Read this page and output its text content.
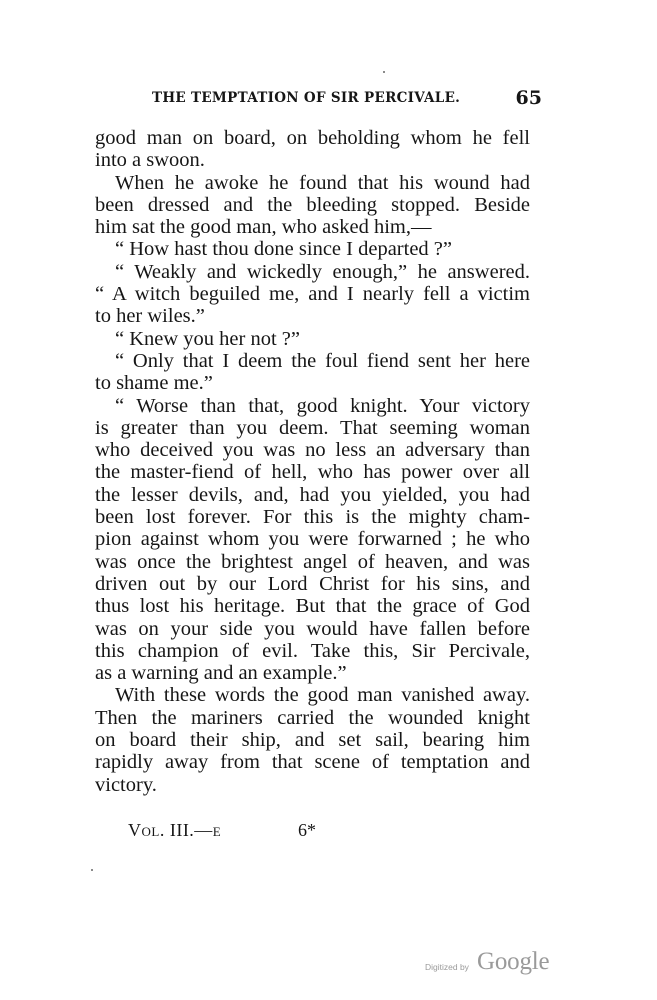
THE TEMPTATION OF SIR PERCIVALE.	65
good man on board, on beholding whom he fell
into a swoon.
When he awoke he found that his wound had
been dressed and the bleeding stopped. Beside
him sat the good man, who asked him,—
“ How hast thou done since I departed ?”
“ Weakly and wickedly enough,” he answered.
“ A witch beguiled me, and I nearly fell a victim
to her wiles.”
“ Knew you her not ?”
“ Only that I deem the foul fiend sent her here
to shame me.”
“ Worse than that, good knight. Your victory
is greater than you deem. That seeming woman
who deceived you was no less an adversary than
the master-fiend of hell, who has power over all
the lesser devils, and, had you yielded, you had
been lost forever. For this is the mighty cham-
pion against whom you were forwarned ; he who
was once the brightest angel of heaven, and was
driven out by our Lord Christ for his sins, and
thus lost his heritage. But that the grace of God
was on your side you would have fallen before
this champion of evil. Take this, Sir Percivale,
as a warning and an example.”
With these words the good man vanished away.
Then the mariners carried the wounded knight
on board their ship, and set sail, bearing him
rapidly away from that scene of temptation and
victory.
Vol. III.—e	6*
Digitized by Google
